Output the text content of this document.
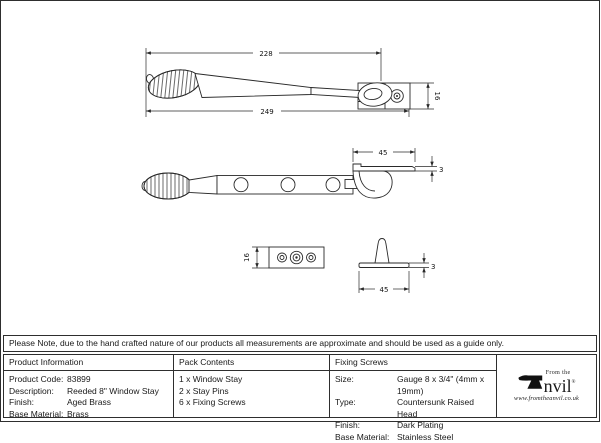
228
249
16
45
3
16
3
45
Please Note, due to the hand crafted nature of our products all measurements are approximate and should be used as a guide only.
Product Information
Product Code: 83899
Description:	Reeded 8" Window Stay
Finish:	Aged Brass
Base Material: Brass
Pack Contents
1 x Window Stay
2 x Stay Pins
6 x Fixing Screws
Fixing Screws
Size:	Gauge 8 x 3/4" (4mm x 19mm)
Type:	Countersunk Raised Head
Finish:	Dark Plating
Base Material: Stainless Steel
From the
nvil®
www.fromtheanvil.co.uk
